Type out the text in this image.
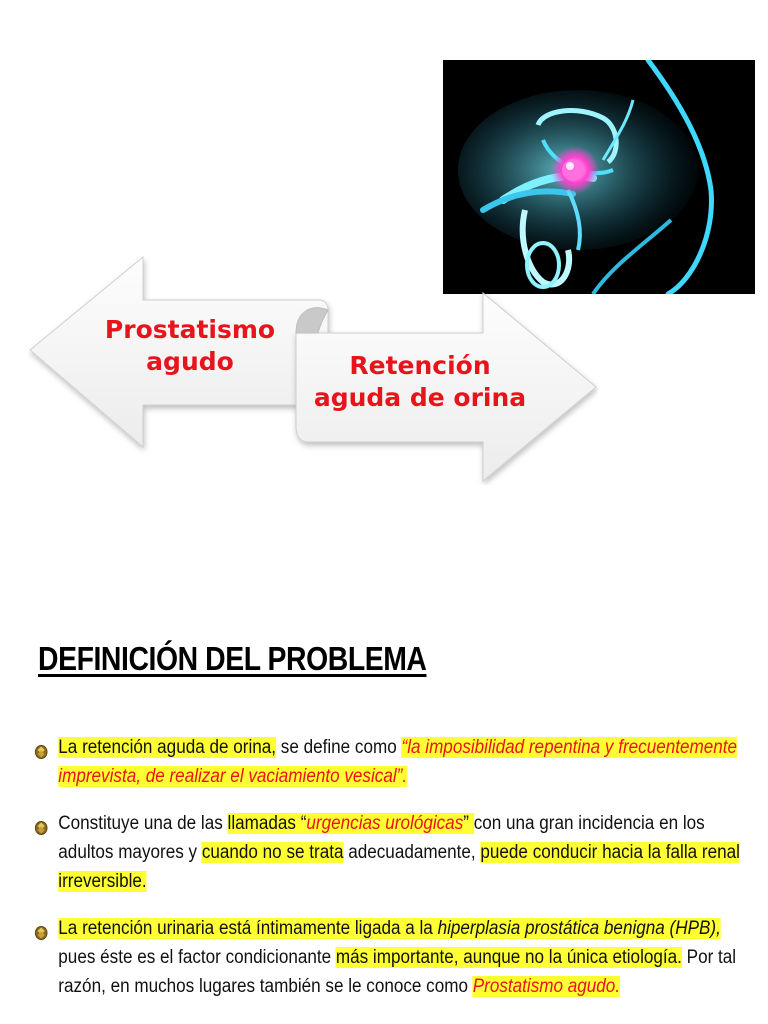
Prostatismo
agudo	Retención
aguda de orina
DEFINICIÓN DEL PROBLEMA
La retención aguda de orina, se define como “la imposibilidad repentina y frecuentemente imprevista, de realizar el vaciamiento vesical”.
Constituye una de las llamadas “urgencias urológicas” con una gran incidencia en los adultos mayores y cuando no se trata adecuadamente, puede conducir hacia la falla renal irreversible.
La retención urinaria está íntimamente ligada a la hiperplasia prostática benigna (HPB), pues éste es el factor condicionante más importante, aunque no la única etiología. Por tal razón, en muchos lugares también se le conoce como Prostatismo agudo.
